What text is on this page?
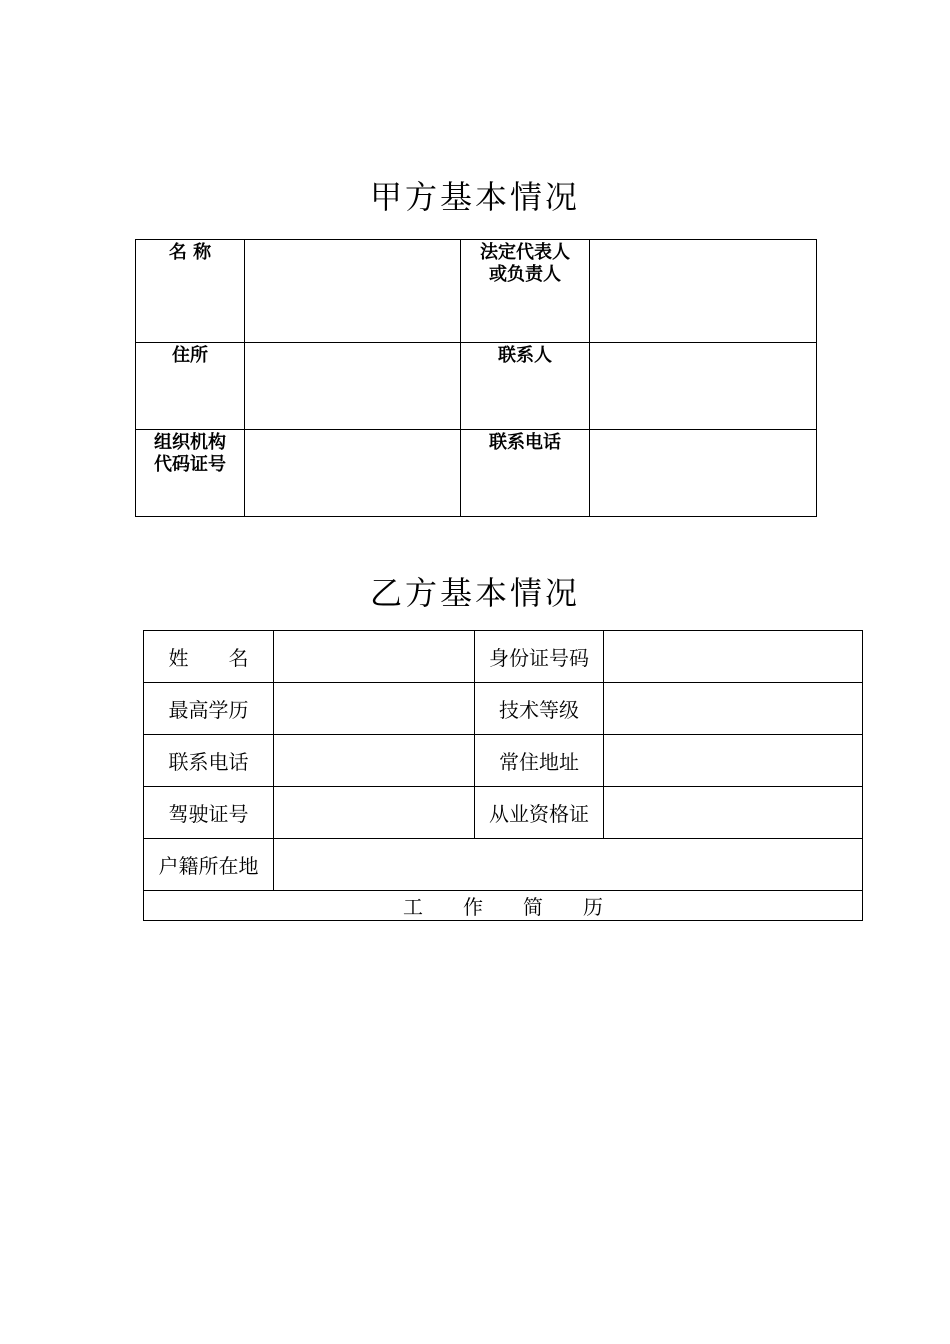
甲方基本情况
名 称		法定代表人
或负责人	

住所		联系人	

组织机构
代码证号		联系电话	
乙方基本情况
姓　　名		身份证号码	
最高学历		技术等级	
联系电话		常住地址	
驾驶证号		从业资格证	
户籍所在地			
工　　作　　简　　历			
